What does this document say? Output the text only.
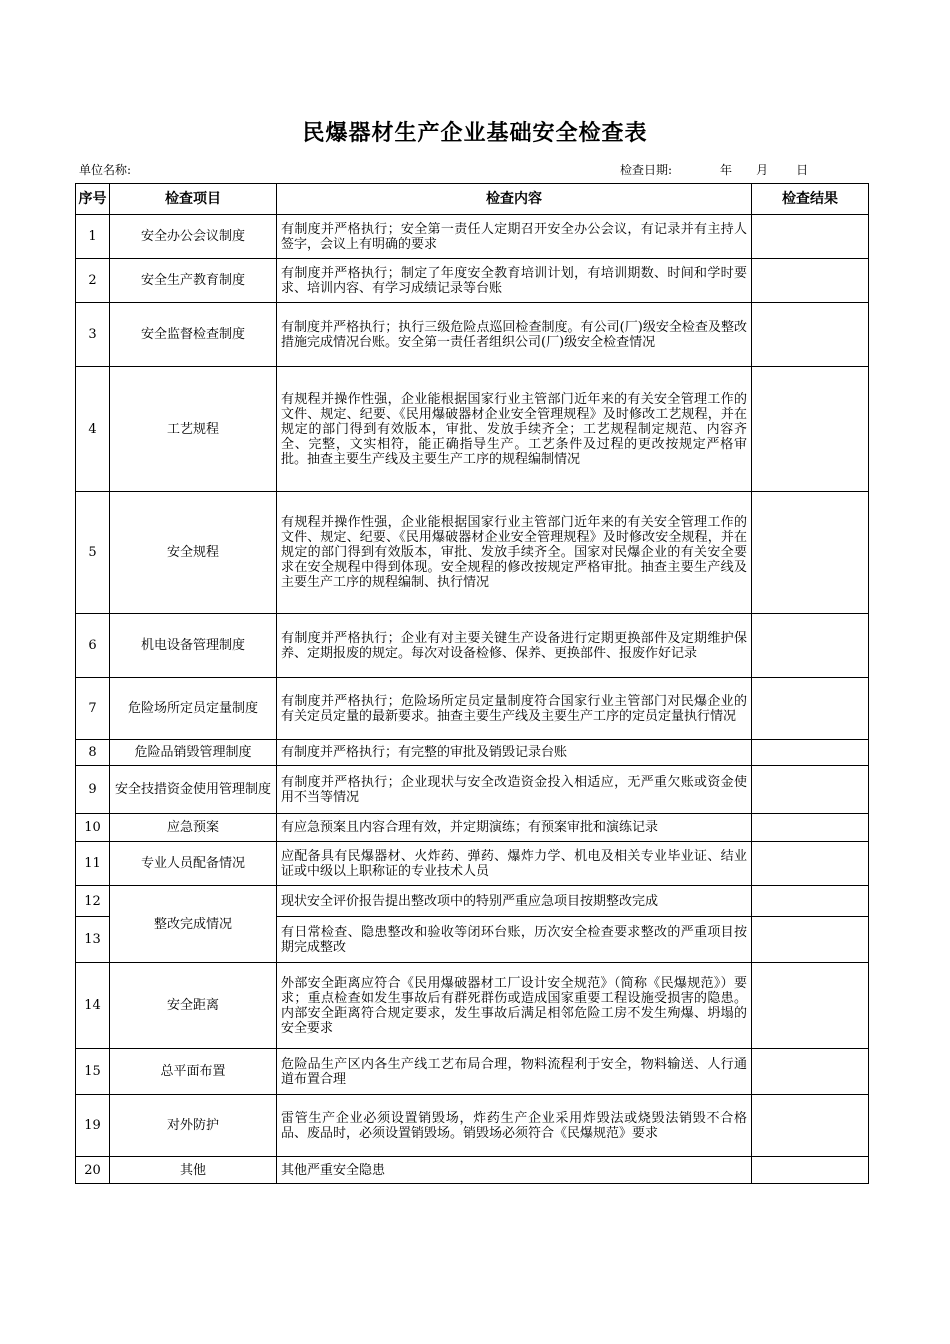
民爆器材生产企业基础安全检查表
单位名称:	检查日期:	年 月 日
序号	检查项目	检查内容	检查结果
1	安全办公会议制度	有制度并严格执行；安全第一责任人定期召开安全办公会议，有记录并有主持人签字，会议上有明确的要求	
2	安全生产教育制度	有制度并严格执行；制定了年度安全教育培训计划，有培训期数、时间和学时要求、培训内容、有学习成绩记录等台账	
3	安全监督检查制度	有制度并严格执行；执行三级危险点巡回检查制度。有公司(厂)级安全检查及整改措施完成情况台账。安全第一责任者组织公司(厂)级安全检查情况	
4	工艺规程	有规程并操作性强，企业能根据国家行业主管部门近年来的有关安全管理工作的文件、规定、纪要、《民用爆破器材企业安全管理规程》及时修改工艺规程，并在规定的部门得到有效版本，审批、发放手续齐全；工艺规程制定规范、内容齐全、完整，文实相符，能正确指导生产。工艺条件及过程的更改按规定严格审批。抽查主要生产线及主要生产工序的规程编制情况	
5	安全规程	有规程并操作性强，企业能根据国家行业主管部门近年来的有关安全管理工作的文件、规定、纪要、《民用爆破器材企业安全管理规程》及时修改安全规程，并在规定的部门得到有效版本，审批、发放手续齐全。国家对民爆企业的有关安全要求在安全规程中得到体现。安全规程的修改按规定严格审批。抽查主要生产线及主要生产工序的规程编制、执行情况	
6	机电设备管理制度	有制度并严格执行；企业有对主要关键生产设备进行定期更换部件及定期维护保养、定期报废的规定。每次对设备检修、保养、更换部件、报废作好记录	
7	危险场所定员定量制度	有制度并严格执行；危险场所定员定量制度符合国家行业主管部门对民爆企业的有关定员定量的最新要求。抽查主要生产线及主要生产工序的定员定量执行情况	
8	危险品销毁管理制度	有制度并严格执行；有完整的审批及销毁记录台账	
9	安全技措资金使用管理制度	有制度并严格执行；企业现状与安全改造资金投入相适应，无严重欠账或资金使用不当等情况	
10	应急预案	有应急预案且内容合理有效，并定期演练；有预案审批和演练记录	
11	专业人员配备情况	应配备具有民爆器材、火炸药、弹药、爆炸力学、机电及相关专业毕业证、结业证或中级以上职称证的专业技术人员	
12	整改完成情况	现状安全评价报告提出整改项中的特别严重应急项目按期整改完成	
13		有日常检查、隐患整改和验收等闭环台账，历次安全检查要求整改的严重项目按期完成整改	
14	安全距离	外部安全距离应符合《民用爆破器材工厂设计安全规范》（简称《民爆规范》）要求；重点检查如发生事故后有群死群伤或造成国家重要工程设施受损害的隐患。内部安全距离符合规定要求，发生事故后满足相邻危险工房不发生殉爆、坍塌的安全要求	
15	总平面布置	危险品生产区内各生产线工艺布局合理，物料流程利于安全，物料输送、人行通道布置合理	
19	对外防护	雷管生产企业必须设置销毁场，炸药生产企业采用炸毁法或烧毁法销毁不合格品、废品时，必须设置销毁场。销毁场必须符合《民爆规范》要求	
20	其他	其他严重安全隐患	
